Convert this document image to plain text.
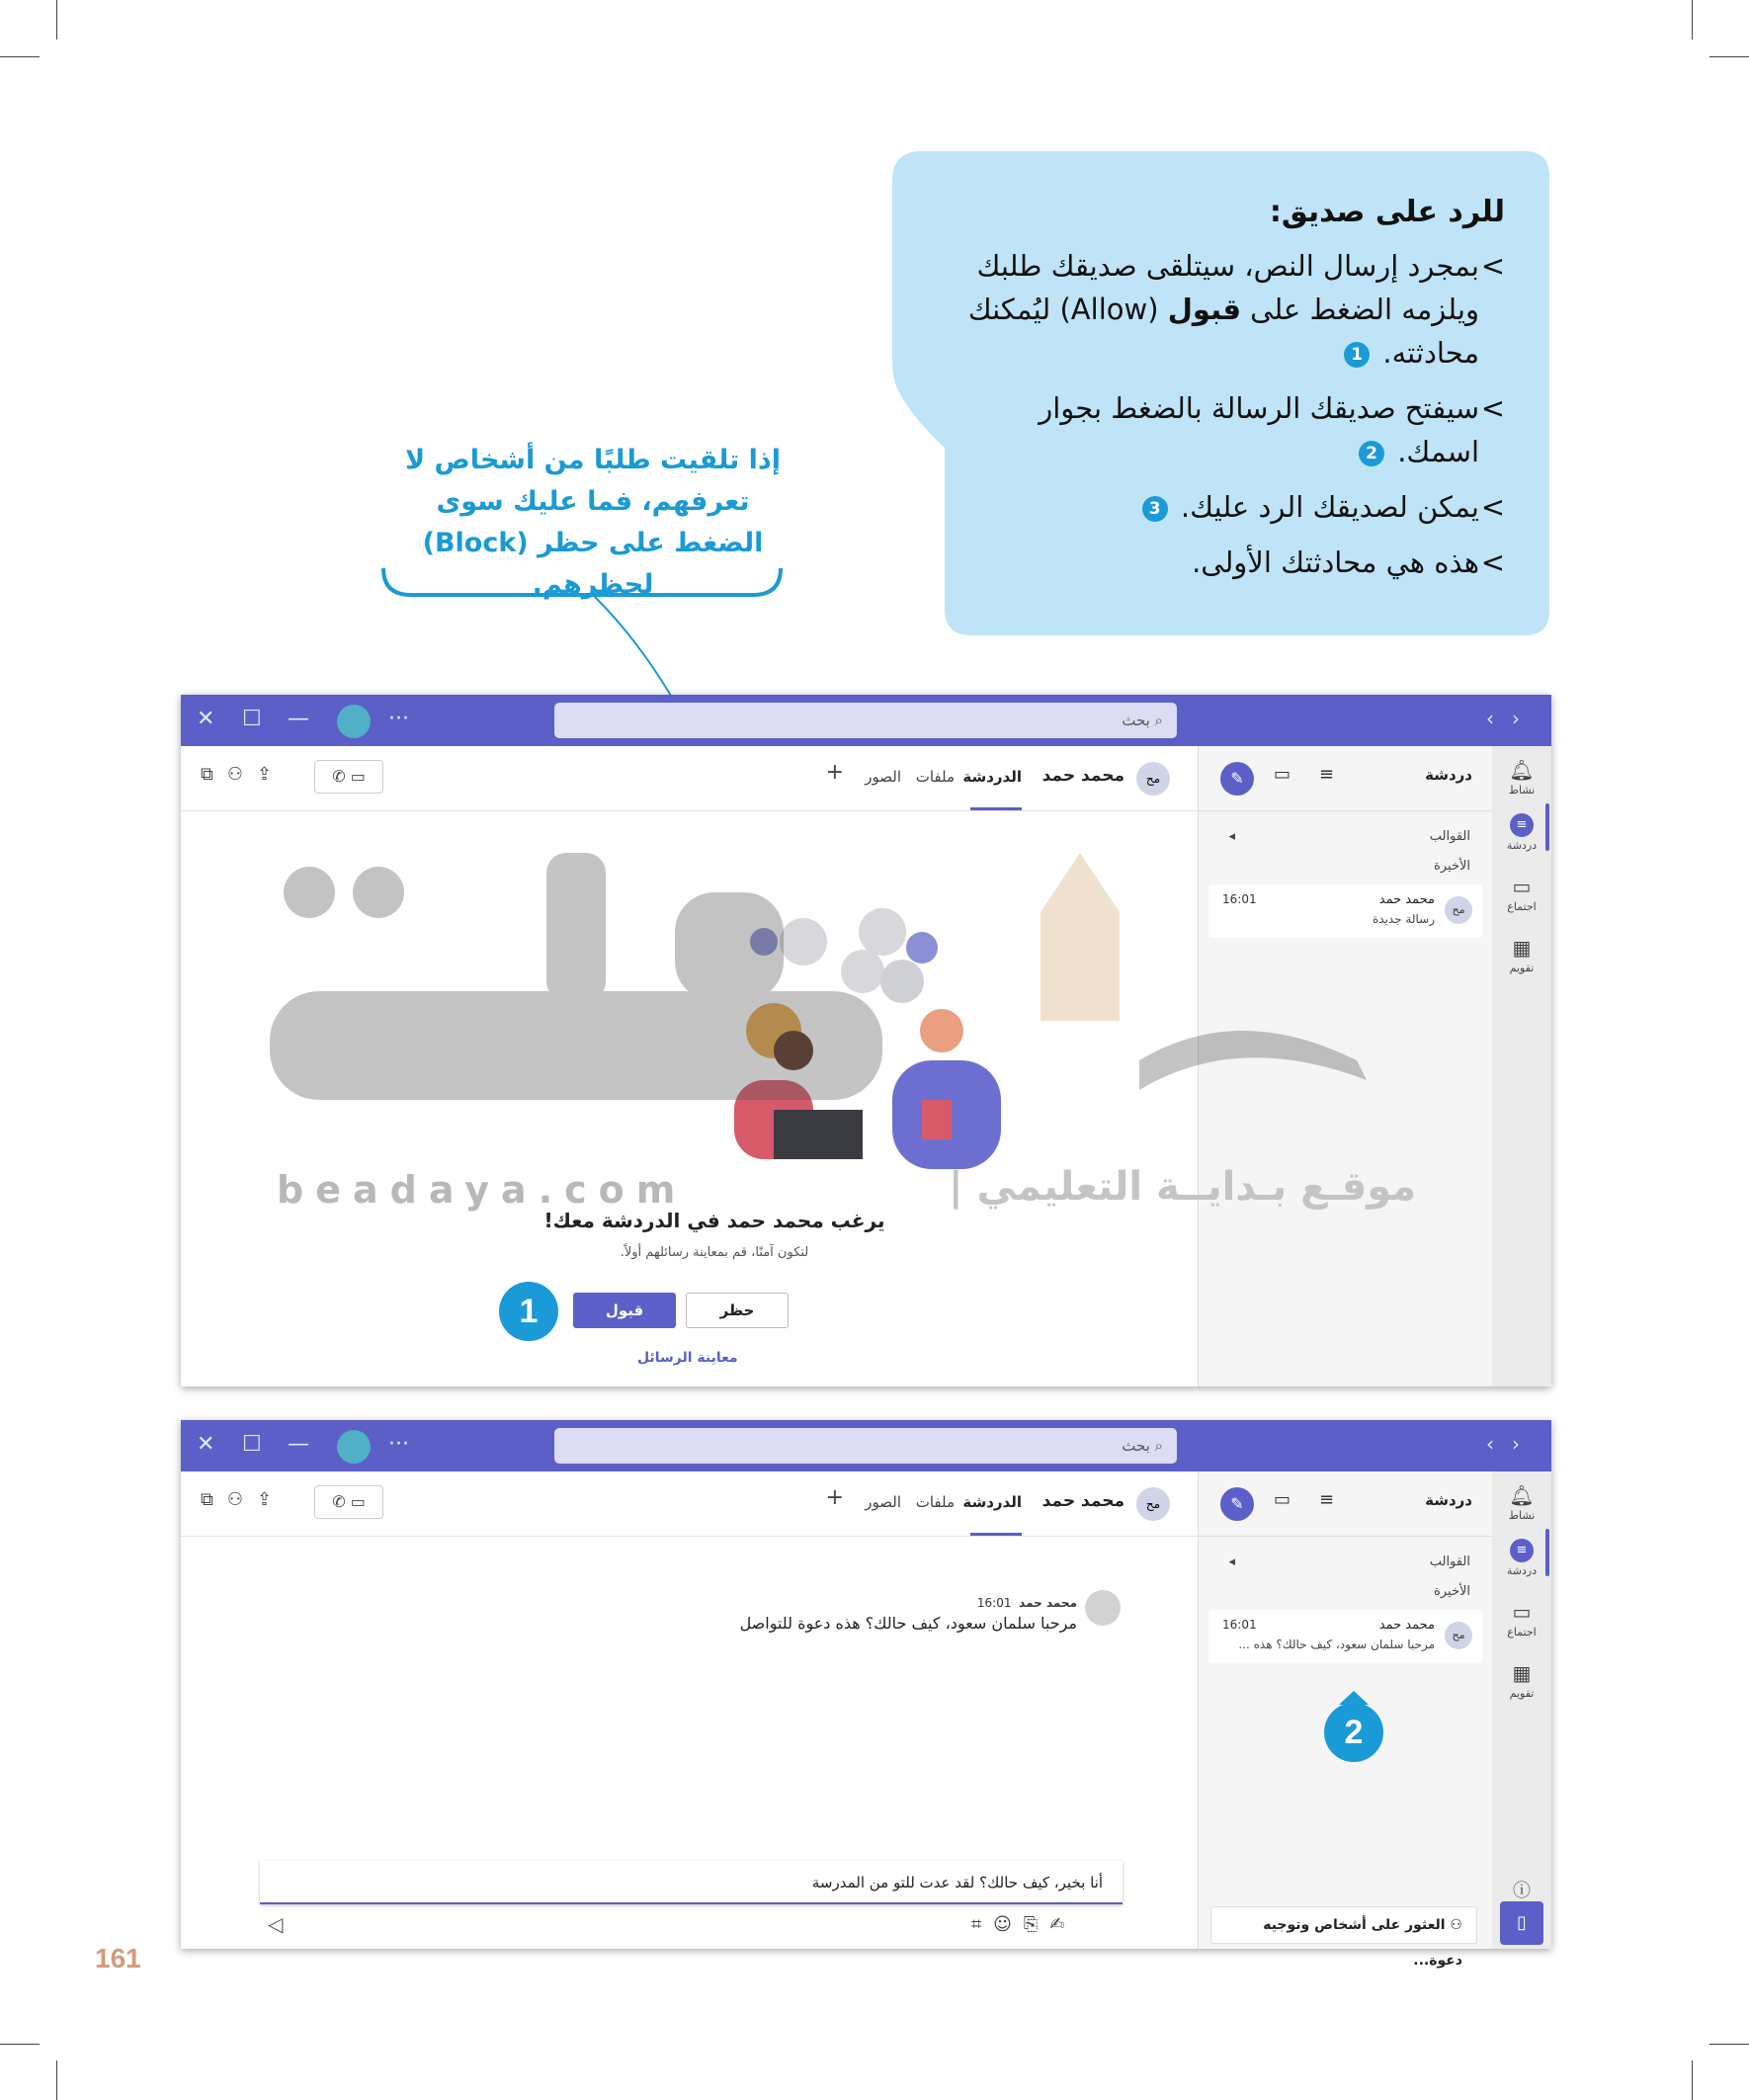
للرد على صديق:
> بمجرد إرسال النص، سيتلقى صديقك طلبك ويلزمه الضغط على قبول (Allow) ليُمكنك محادثته. 1
> سيفتح صديقك الرسالة بالضغط بجوار اسمك. 2
> يمكن لصديقك الرد عليك. 3
> هذه هي محادثتك الأولى.
إذا تلقيت طلبًا من أشخاص لا تعرفهم، فما عليك سوى الضغط على حظر (Block) لحظرهم.
✕ ☐ —	···	⌕ بحث	‹›
🔔︎
نشاط
≡
دردشة
▭
اجتماع
▦
تقويم
دردشة
≡
▭
✎
القوالب
◂
الأخيرة
مح
محمد حمد
رسالة جديدة
16:01
مح
محمد حمد
الدردشة
ملفات
الصور
+
⧉⚇⇪	✆ ▭
يرغب محمد حمد في الدردشة معك!
لتكون آمنًا، قم بمعاينة رسائلهم أولاً.
حظر
قبول
1
معاينة الرسائل
beadaya.com	موقـع بـدايــة التعليمي |
✕ ☐ —	···	⌕ بحث	‹›
🔔︎
نشاط
≡
دردشة
▭
اجتماع
▦
تقويم
ⓘ
▯
دردشة
≡
▭
✎
القوالب
◂
الأخيرة
مح
محمد حمد
مرحبا سلمان سعود، كيف حالك؟ هذه ...
16:01
2
⚇ العثور على أشخاص وتوجيه دعوة...
مح
محمد حمد
الدردشة
ملفات
الصور
+
⧉⚇⇪	✆ ▭
محمد حمد  16:01
مرحبا سلمان سعود، كيف حالك؟ هذه دعوة للتواصل
أنا بخير، كيف حالك؟ لقد عدت للتو من المدرسة
⌗☺⎘✍
◁
161
